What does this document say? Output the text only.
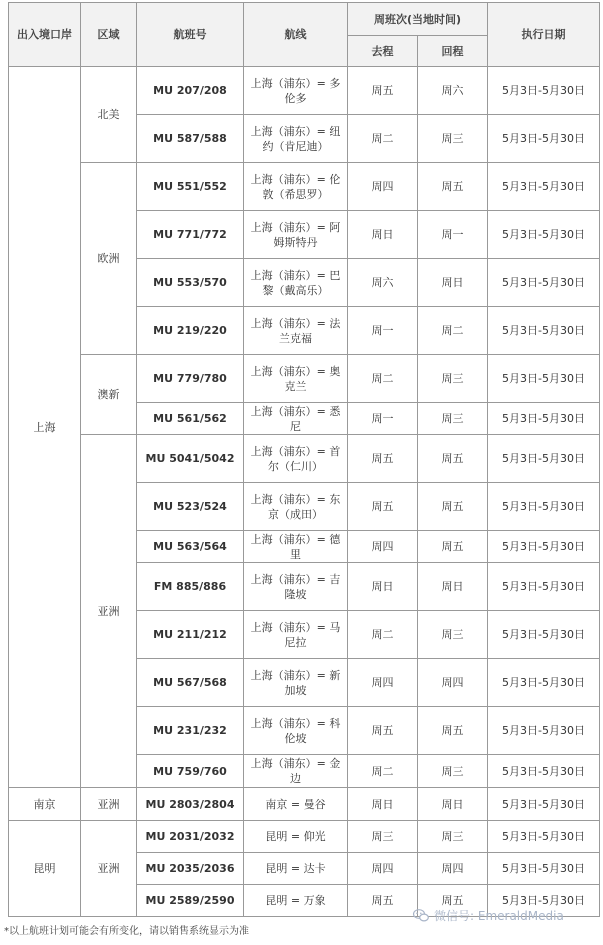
出入境口岸	区域	航班号	航线	周班次(当地时间)		执行日期
				去程	回程	
上海	北美	MU 207/208	上海（浦东）= 多伦多	周五	周六	5月3日-5月30日
		MU 587/588	上海（浦东）= 纽约（肯尼迪）	周二	周三	5月3日-5月30日
	欧洲	MU 551/552	上海（浦东）= 伦敦（希思罗）	周四	周五	5月3日-5月30日
		MU 771/772	上海（浦东）= 阿姆斯特丹	周日	周一	5月3日-5月30日
		MU 553/570	上海（浦东）= 巴黎（戴高乐）	周六	周日	5月3日-5月30日
		MU 219/220	上海（浦东）= 法兰克福	周一	周二	5月3日-5月30日
	澳新	MU 779/780	上海（浦东）= 奥克兰	周二	周三	5月3日-5月30日
		MU 561/562	上海（浦东）= 悉尼	周一	周三	5月3日-5月30日
	亚洲	MU 5041/5042	上海（浦东）= 首尔（仁川）	周五	周五	5月3日-5月30日
		MU 523/524	上海（浦东）= 东京（成田）	周五	周五	5月3日-5月30日
		MU 563/564	上海（浦东）= 德里	周四	周五	5月3日-5月30日
		FM 885/886	上海（浦东）= 吉隆坡	周日	周日	5月3日-5月30日
		MU 211/212	上海（浦东）= 马尼拉	周二	周三	5月3日-5月30日
		MU 567/568	上海（浦东）= 新加坡	周四	周四	5月3日-5月30日
		MU 231/232	上海（浦东）= 科伦坡	周五	周五	5月3日-5月30日
		MU 759/760	上海（浦东）= 金边	周二	周三	5月3日-5月30日
南京	亚洲	MU 2803/2804	南京 = 曼谷	周日	周日	5月3日-5月30日
昆明	亚洲	MU 2031/2032	昆明 = 仰光	周三	周三	5月3日-5月30日
		MU 2035/2036	昆明 = 达卡	周四	周四	5月3日-5月30日
		MU 2589/2590	昆明 = 万象	周五	周五	5月3日-5月30日
*以上航班计划可能会有所变化，请以销售系统显示为准
微信号: EmeraldMedia
